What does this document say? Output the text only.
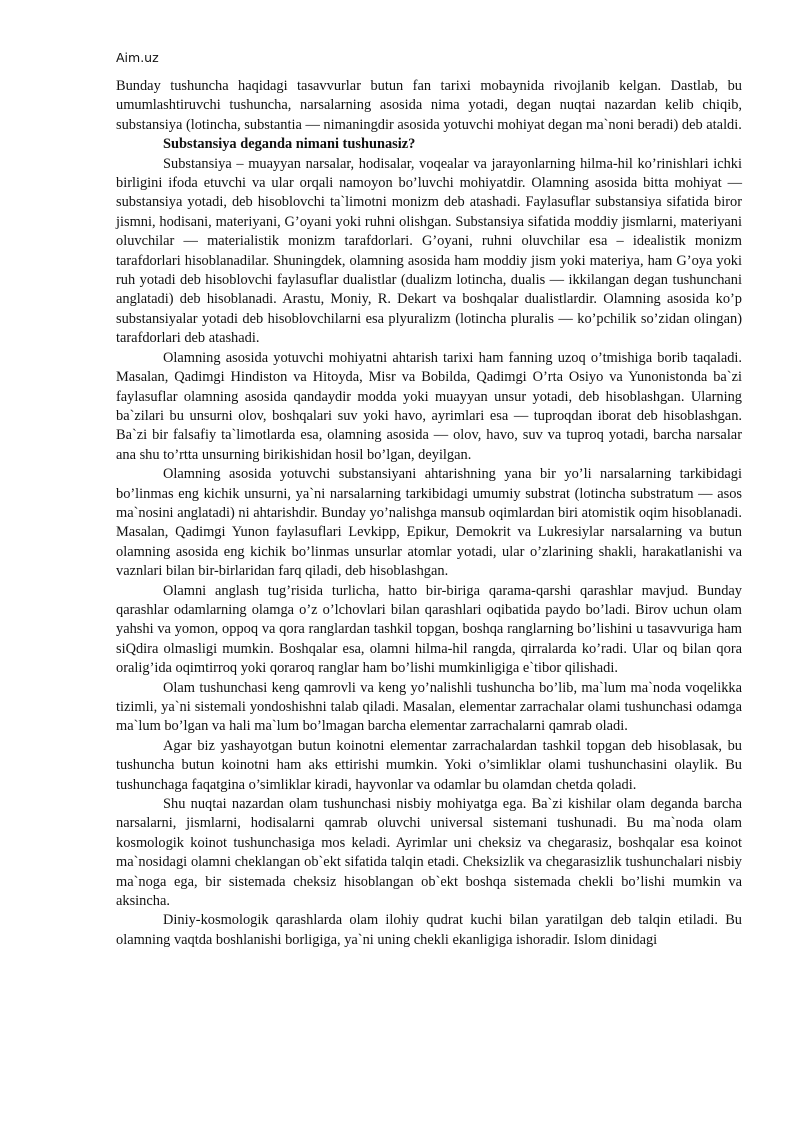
Aim.uz

Bunday tushuncha haqidagi tasavvurlar butun fan tarixi mobaynida rivojlanib kelgan. Dastlab, bu umumlashtiruvchi tushuncha, narsalarning asosida nima yotadi, degan nuqtai nazardan kelib chiqib, substansiya (lotincha, substantia — nimaningdir asosida yotuvchi mohiyat degan ma`noni beradi) deb ataldi.

Substansiya deganda nimani tushunasiz?

Substansiya – muayyan narsalar, hodisalar, voqealar va jarayonlarning hilma-hil ko’rinishlari ichki birligini ifoda etuvchi va ular orqali namoyon bo’luvchi mohiyatdir. Olamning asosida bitta mohiyat — substansiya yotadi, deb hisoblovchi ta`limotni monizm deb atashadi. Faylasuflar substansiya sifatida biror jismni, hodisani, materiyani, G’oyani yoki ruhni olishgan. Substansiya sifatida moddiy jismlarni, materiyani oluvchilar — materialistik monizm tarafdorlari. G’oyani, ruhni oluvchilar esa – idealistik monizm tarafdorlari hisoblanadilar. Shuningdek, olamning asosida ham moddiy jism yoki materiya, ham G’oya yoki ruh yotadi deb hisoblovchi faylasuflar dualistlar (dualizm lotincha, dualis — ikkilangan degan tushunchani anglatadi) deb hisoblanadi. Arastu, Moniy, R. Dekart va boshqalar dualistlardir. Olamning asosida ko’p substansiyalar yotadi deb hisoblovchilarni esa plyuralizm (lotincha pluralis — ko’pchilik so’zidan olingan) tarafdorlari deb atashadi.

Olamning asosida yotuvchi mohiyatni ahtarish tarixi ham fanning uzoq o’tmishiga borib taqaladi. Masalan, Qadimgi Hindiston va Hitoyda, Misr va Bobilda, Qadimgi O’rta Osiyo va Yunonistonda ba`zi faylasuflar olamning asosida qandaydir modda yoki muayyan unsur yotadi, deb hisoblashgan. Ularning ba`zilari bu unsurni olov, boshqalari suv yoki havo, ayrimlari esa — tuproqdan iborat deb hisoblashgan. Ba`zi bir falsafiy ta`limotlarda esa, olamning asosida — olov, havo, suv va tuproq yotadi, barcha narsalar ana shu to’rtta unsurning birikishidan hosil bo’lgan, deyilgan.

Olamning asosida yotuvchi substansiyani ahtarishning yana bir yo’li narsalarning tarkibidagi bo’linmas eng kichik unsurni, ya`ni narsalarning tarkibidagi umumiy substrat (lotincha substratum — asos ma`nosini anglatadi) ni ahtarishdir. Bunday yo’nalishga mansub oqimlardan biri atomistik oqim hisoblanadi. Masalan, Qadimgi Yunon faylasuflari Levkipp, Epikur, Demokrit va Lukresiylar narsalarning va butun olamning asosida eng kichik bo’linmas unsurlar atomlar yotadi, ular o’zlarining shakli, harakatlanishi va vaznlari bilan bir-birlaridan farq qiladi, deb hisoblashgan.

Olamni anglash tug’risida turlicha, hatto bir-biriga qarama-qarshi qarashlar mavjud. Bunday qarashlar odamlarning olamga o’z o’lchovlari bilan qarashlari oqibatida paydo bo’ladi. Birov uchun olam yahshi va yomon, oppoq va qora ranglardan tashkil topgan, boshqa ranglarning bo’lishini u tasavvuriga ham siQdira olmasligi mumkin. Boshqalar esa, olamni hilma-hil rangda, qirralarda ko’radi. Ular oq bilan qora oralig’ida oqimtirroq yoki qoraroq ranglar ham bo’lishi mumkinligiga e`tibor qilishadi.

Olam tushunchasi keng qamrovli va keng yo’nalishli tushuncha bo’lib, ma`lum ma`noda voqelikka tizimli, ya`ni sistemali yondoshishni talab qiladi. Masalan, elementar zarrachalar olami tushunchasi odamga ma`lum bo’lgan va hali ma`lum bo’lmagan barcha elementar zarrachalarni qamrab oladi.

Agar biz yashayotgan butun koinotni elementar zarrachalardan tashkil topgan deb hisoblasak, bu tushuncha butun koinotni ham aks ettirishi mumkin. Yoki o’simliklar olami tushunchasini olaylik. Bu tushunchaga faqatgina o’simliklar kiradi, hayvonlar va odamlar bu olamdan chetda qoladi.

Shu nuqtai nazardan olam tushunchasi nisbiy mohiyatga ega. Ba`zi kishilar olam deganda barcha narsalarni, jismlarni, hodisalarni qamrab oluvchi universal sistemani tushunadi. Bu ma`noda olam kosmologik koinot tushunchasiga mos keladi. Ayrimlar uni cheksiz va chegarasiz, boshqalar esa koinot ma`nosidagi olamni cheklangan ob`ekt sifatida talqin etadi. Cheksizlik va chegarasizlik tushunchalari nisbiy ma`noga ega, bir sistemada cheksiz hisoblangan ob`ekt boshqa sistemada chekli bo’lishi mumkin va aksincha.

Diniy-kosmologik qarashlarda olam ilohiy qudrat kuchi bilan yaratilgan deb talqin etiladi. Bu olamning vaqtda boshlanishi borligiga, ya`ni uning chekli ekanligiga ishoradir. Islom dinidagi
